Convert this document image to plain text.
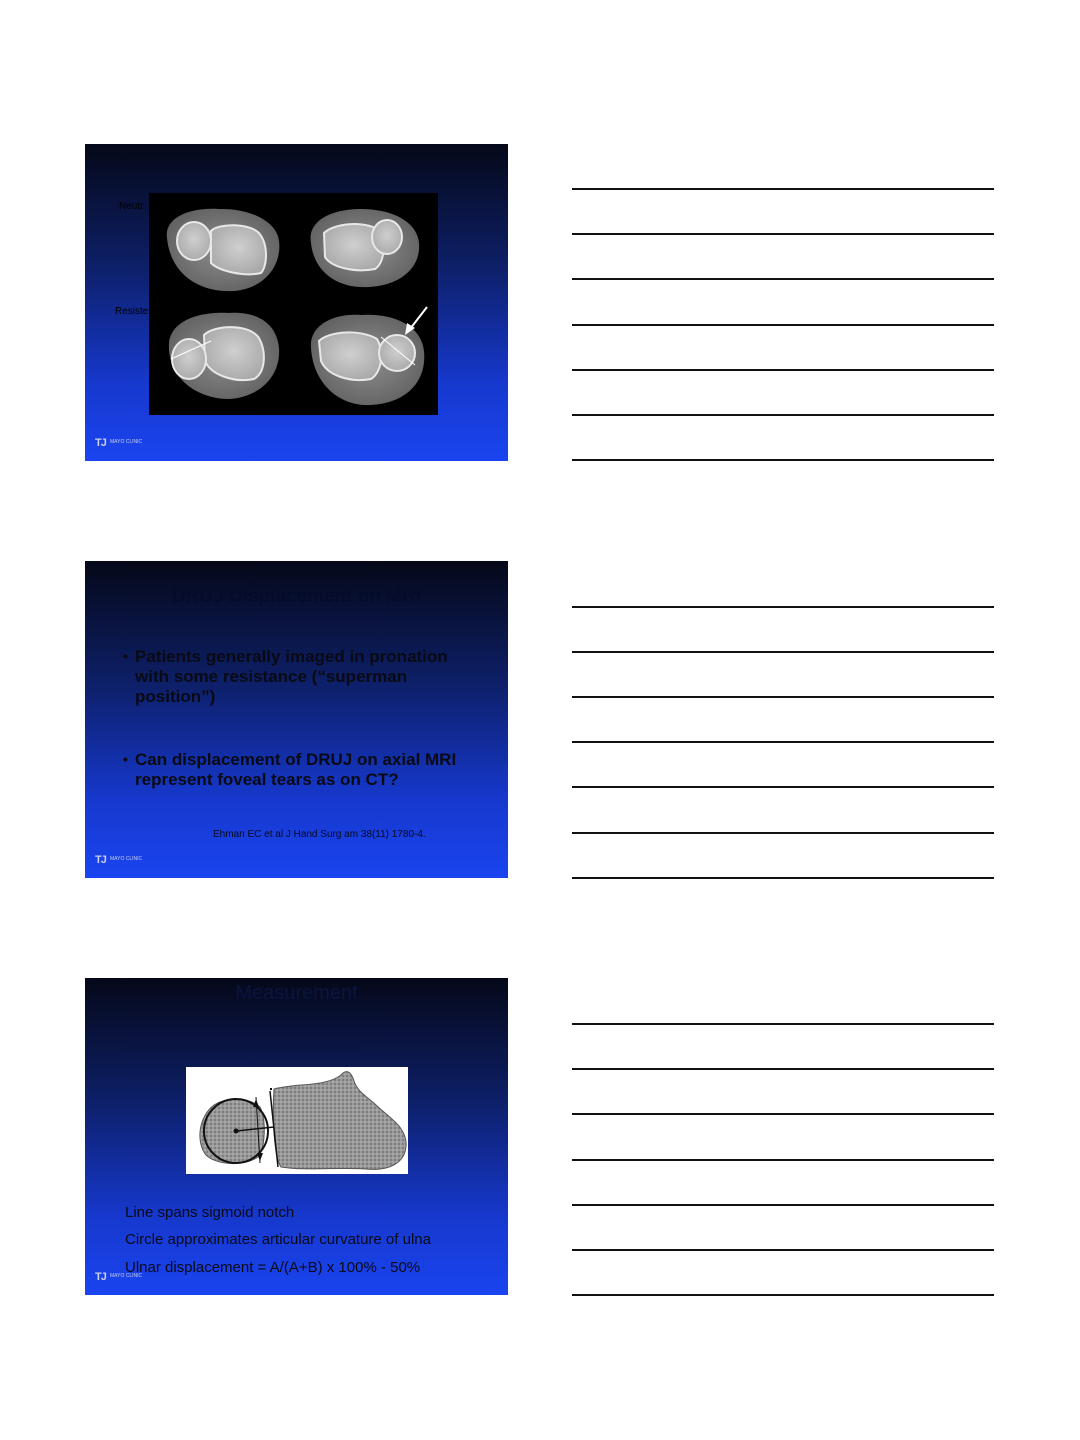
Neutr
Resiste
TJ MAYO CLINIC
DRUJ Displacement on MRI
• Patients generally imaged in pronation with some resistance (“superman position”)
• Can displacement of DRUJ on axial MRI represent foveal tears as on CT?
Ehman EC et al J Hand Surg am 38(11) 1780-4.
TJ MAYO CLINIC
Measurement
Simplified measurement technique
Line spans sigmoid notch
Circle approximates articular curvature of ulna
Ulnar displacement = A/(A+B) x 100% - 50%
TJ MAYO CLINIC
